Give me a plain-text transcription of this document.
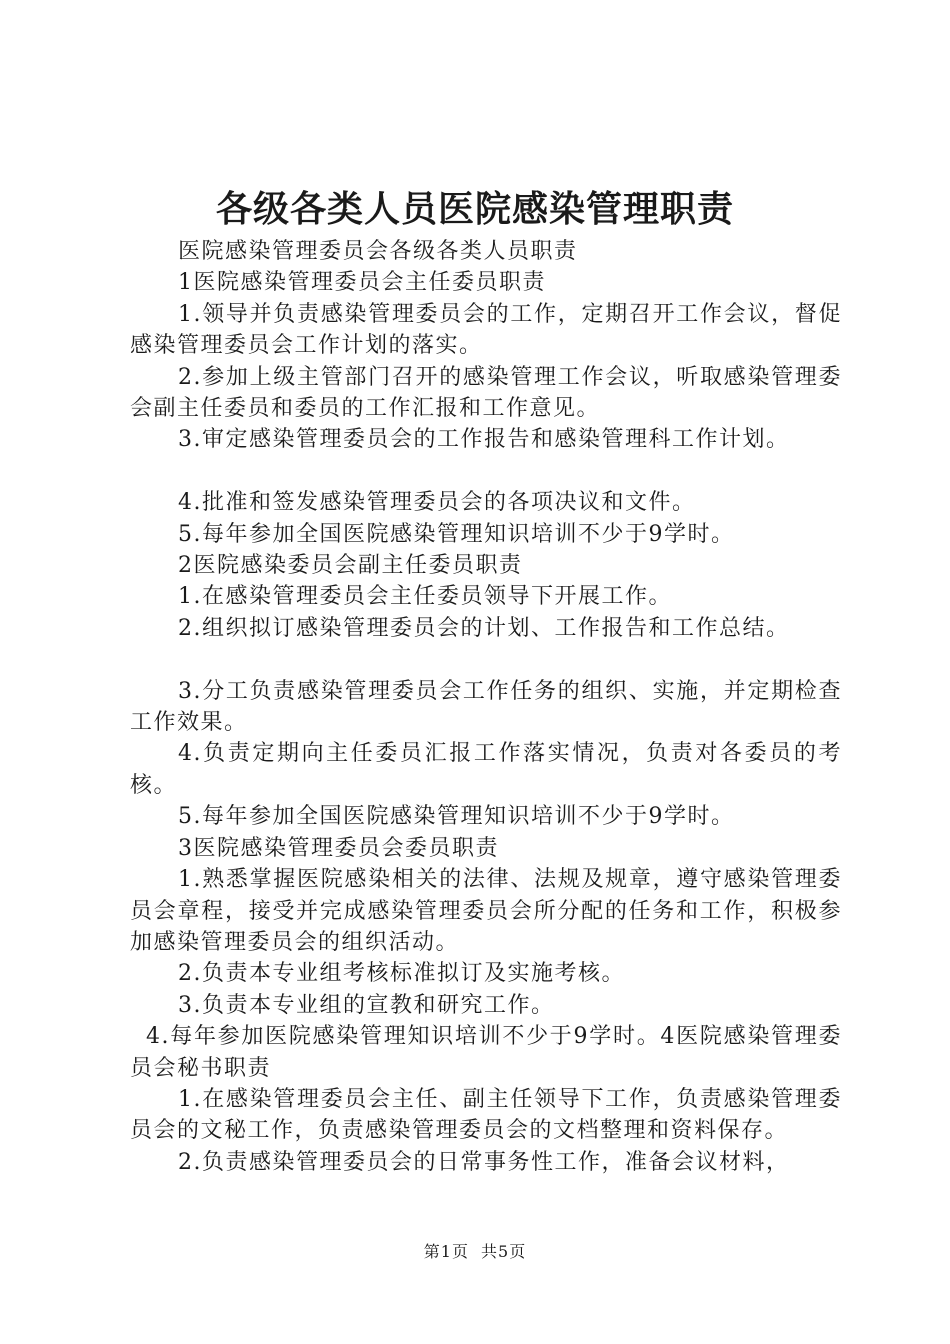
各级各类人员医院感染管理职责

医院感染管理委员会各级各类人员职责

1医院感染管理委员会主任委员职责

1.领导并负责感染管理委员会的工作，定期召开工作会议，督促感染管理委员会工作计划的落实。

2.参加上级主管部门召开的感染管理工作会议，听取感染管理委会副主任委员和委员的工作汇报和工作意见。

3.审定感染管理委员会的工作报告和感染管理科工作计划。

4.批准和签发感染管理委员会的各项决议和文件。

5.每年参加全国医院感染管理知识培训不少于9学时。

2医院感染委员会副主任委员职责

1.在感染管理委员会主任委员领导下开展工作。

2.组织拟订感染管理委员会的计划、工作报告和工作总结。

3.分工负责感染管理委员会工作任务的组织、实施，并定期检查工作效果。

4.负责定期向主任委员汇报工作落实情况，负责对各委员的考核。

5.每年参加全国医院感染管理知识培训不少于9学时。

3医院感染管理委员会委员职责

1.熟悉掌握医院感染相关的法律、法规及规章，遵守感染管理委员会章程，接受并完成感染管理委员会所分配的任务和工作，积极参加感染管理委员会的组织活动。

2.负责本专业组考核标准拟订及实施考核。

3.负责本专业组的宣教和研究工作。

4.每年参加医院感染管理知识培训不少于9学时。4医院感染管理委员会秘书职责

1.在感染管理委员会主任、副主任领导下工作，负责感染管理委员会的文秘工作，负责感染管理委员会的文档整理和资料保存。

2.负责感染管理委员会的日常事务性工作，准备会议材料，

第1页 共5页
